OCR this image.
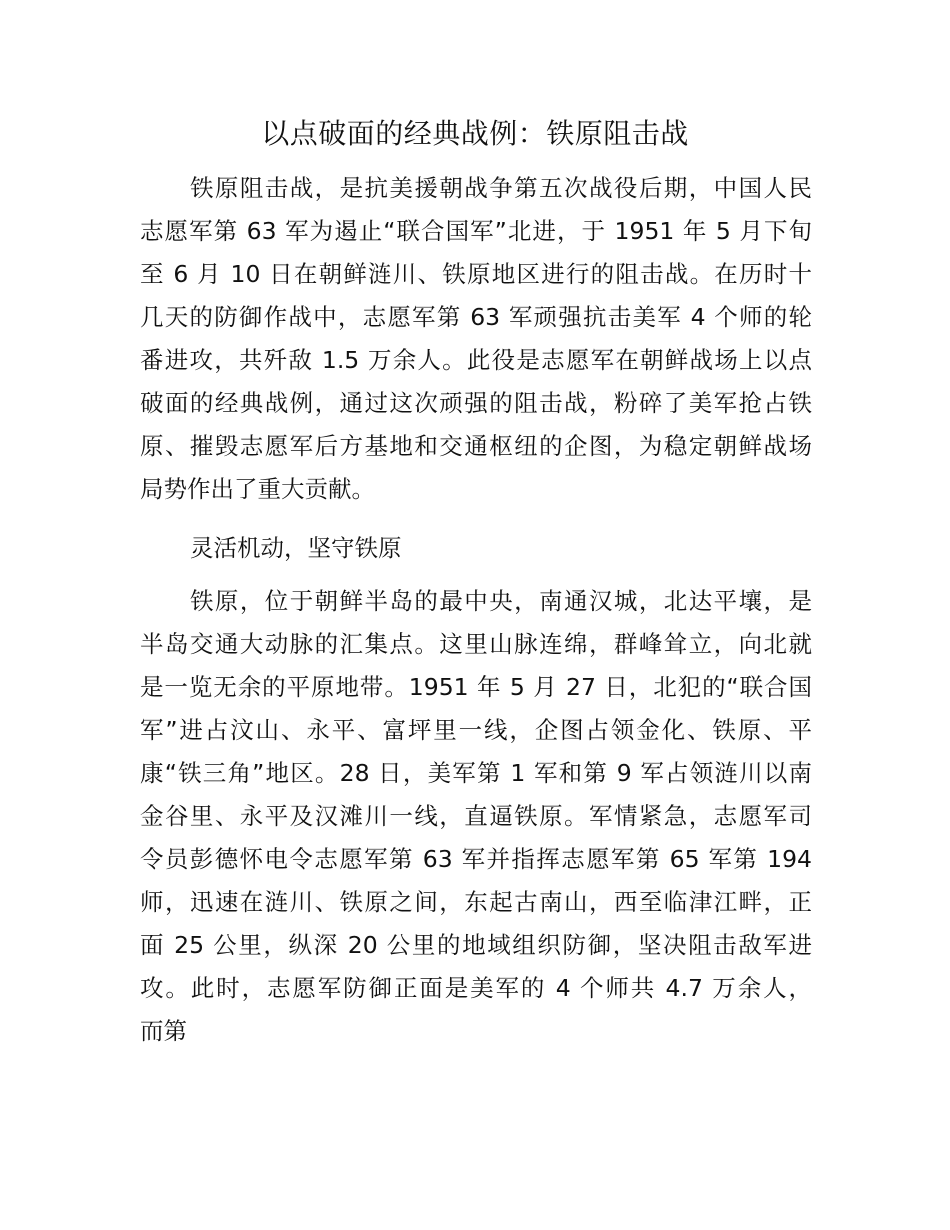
以点破面的经典战例：铁原阻击战
铁原阻击战，是抗美援朝战争第五次战役后期，中国人民
志愿军第 63 军为遏止“联合国军”北进，于 1951 年 5 月下旬
至 6 月 10 日在朝鲜涟川、铁原地区进行的阻击战。在历时十
几天的防御作战中，志愿军第 63 军顽强抗击美军 4 个师的轮
番进攻，共歼敌 1.5 万余人。此役是志愿军在朝鲜战场上以点
破面的经典战例，通过这次顽强的阻击战，粉碎了美军抢占铁
原、摧毁志愿军后方基地和交通枢纽的企图，为稳定朝鲜战场
局势作出了重大贡献。
灵活机动，坚守铁原
铁原，位于朝鲜半岛的最中央，南通汉城，北达平壤，是
半岛交通大动脉的汇集点。这里山脉连绵，群峰耸立，向北就
是一览无余的平原地带。1951 年 5 月 27 日，北犯的“联合国
军”进占汶山、永平、富坪里一线，企图占领金化、铁原、平
康“铁三角”地区。28 日，美军第 1 军和第 9 军占领涟川以南
金谷里、永平及汉滩川一线，直逼铁原。军情紧急，志愿军司
令员彭德怀电令志愿军第 63 军并指挥志愿军第 65 军第 194
师，迅速在涟川、铁原之间，东起古南山，西至临津江畔，正
面 25 公里，纵深 20 公里的地域组织防御，坚决阻击敌军进
攻。此时，志愿军防御正面是美军的 4 个师共 4.7 万余人，
而第
